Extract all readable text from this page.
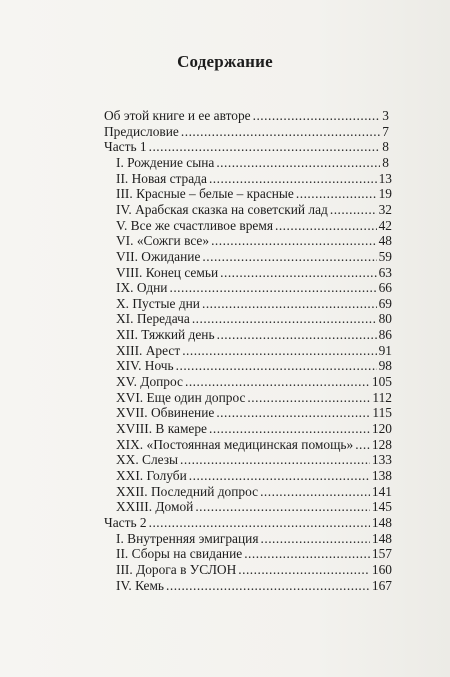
Содержание
Об этой книге и ее авторе .....	3
Предисловие .....	7
Часть 1 .....	8
I. Рождение сына .....	8
II. Новая страда .....	13
III. Красные – белые – красные .....	19
IV. Арабская сказка на советский лад .....	32
V. Все же счастливое время .....	42
VI. «Сожги все» .....	48
VII. Ожидание .....	59
VIII. Конец семьи .....	63
IX. Одни .....	66
X. Пустые дни .....	69
XI. Передача .....	80
XII. Тяжкий день .....	86
XIII. Арест .....	91
XIV. Ночь .....	98
XV. Допрос .....	105
XVI. Еще один допрос .....	112
XVII. Обвинение .....	115
XVIII. В камере .....	120
XIX. «Постоянная медицинская помощь» ..... 128
XX. Слезы .....	133
XXI. Голуби .....	138
XXII. Последний допрос .....	141
XXIII. Домой .....	145
Часть 2 .....	148
I. Внутренняя эмиграция .....	148
II. Сборы на свидание .....	157
III. Дорога в УСЛОН .....	160
IV. Кемь .....	167
